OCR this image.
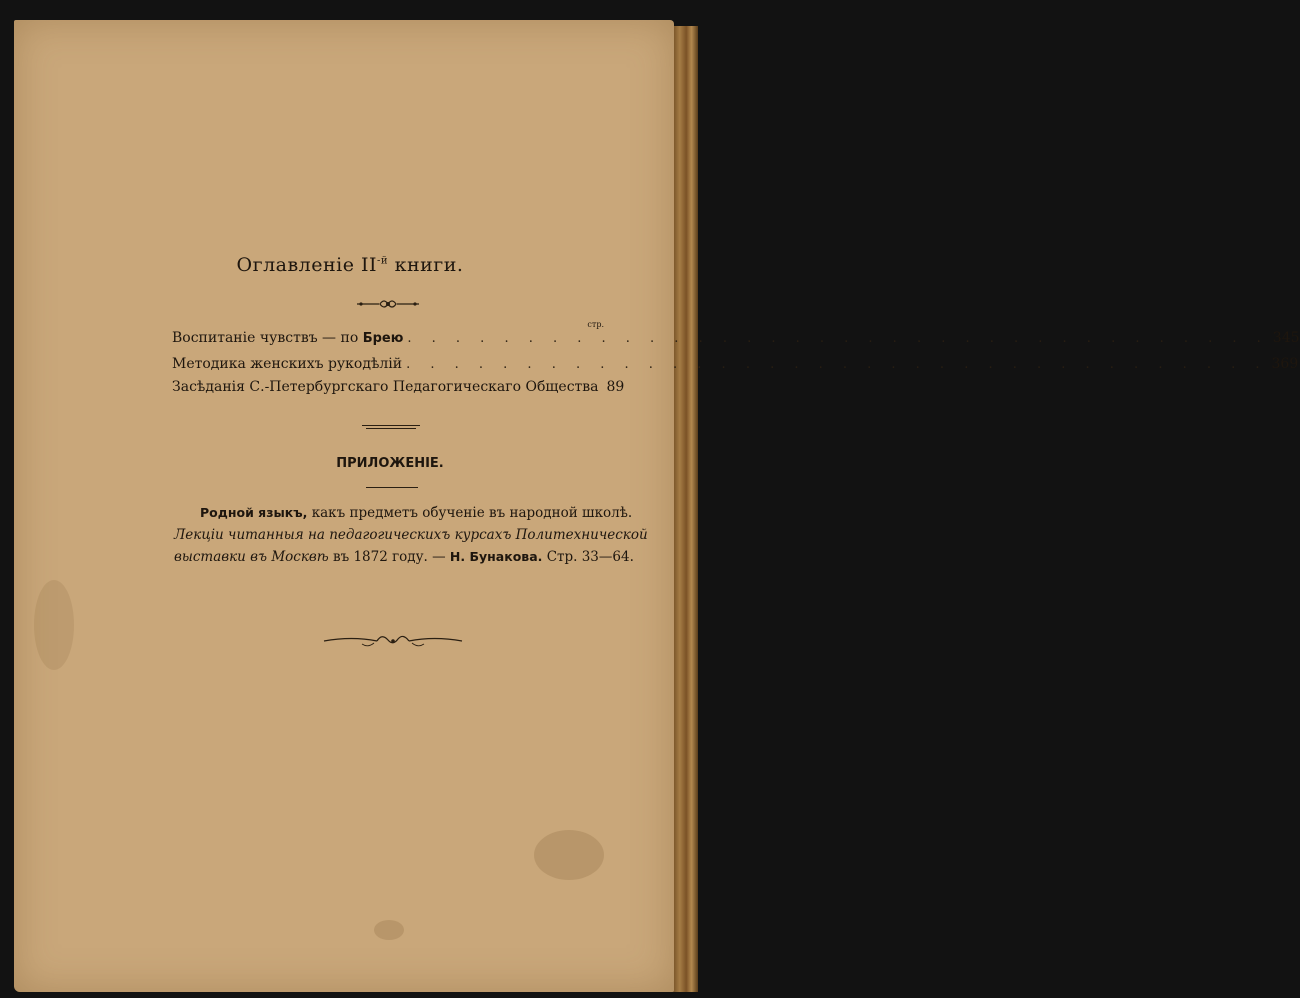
Оглавленіе $II^{-й}$ книги.
стр.
Воспитаніе чувствъ — по Брею . . . . . . . . . . . . . . . . . . . . . . . . . . . . . . . . . . . . 345
Методика женскихъ рукодѣлій . . . . . . . . . . . . . . . . . . . . . . . . . . . . . . . . . . . . 369
Засѣданія С.-Петербургскаго Педагогическаго Общества 89
ПРИЛОЖЕНІЕ.
Родной языкъ, какъ предметъ обученіе въ народной школѣ.
Лекціи читанныя на педагогическихъ курсахъ Политехнической
выставки въ Москвѣ въ 1872 году. — Н. Бунакова. Стр. 33—64.
